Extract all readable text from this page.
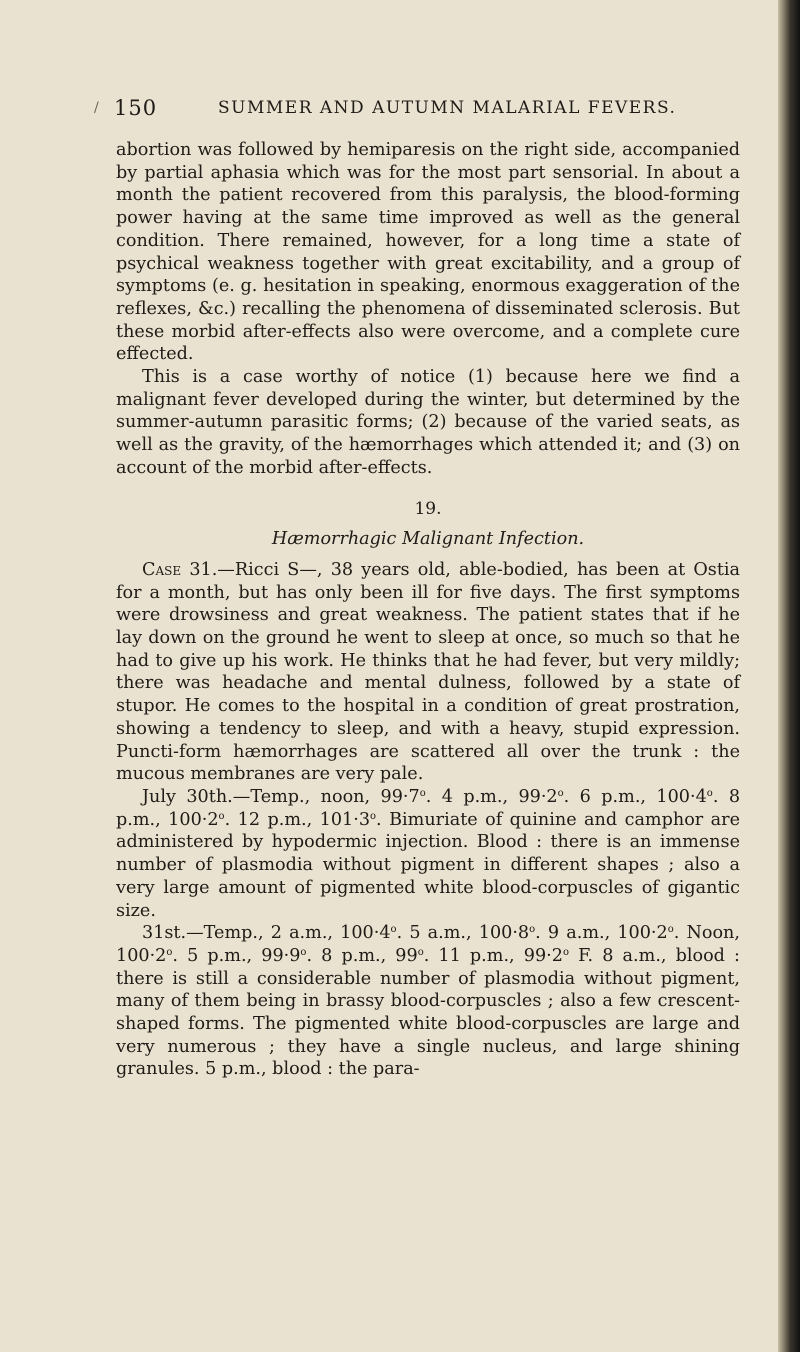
/ 150	SUMMER AND AUTUMN MALARIAL FEVERS.

abortion was followed by hemiparesis on the right side, accompanied by partial aphasia which was for the most part sensorial. In about a month the patient recovered from this paralysis, the blood-forming power having at the same time improved as well as the general condition. There remained, however, for a long time a state of psychical weakness together with great excitability, and a group of symptoms (e. g. hesitation in speaking, enormous exaggeration of the reflexes, &c.) recalling the phenomena of disseminated sclerosis. But these morbid after-effects also were overcome, and a complete cure effected.

This is a case worthy of notice (1) because here we find a malignant fever developed during the winter, but determined by the summer-autumn parasitic forms; (2) because of the varied seats, as well as the gravity, of the hæmorrhages which attended it; and (3) on account of the morbid after-effects.

19.

Hæmorrhagic Malignant Infection.

Case 31.—Ricci S—, 38 years old, able-bodied, has been at Ostia for a month, but has only been ill for five days. The first symptoms were drowsiness and great weakness. The patient states that if he lay down on the ground he went to sleep at once, so much so that he had to give up his work. He thinks that he had fever, but very mildly; there was headache and mental dulness, followed by a state of stupor. He comes to the hospital in a condition of great prostration, showing a tendency to sleep, and with a heavy, stupid expression. Puncti-form hæmorrhages are scattered all over the trunk : the mucous membranes are very pale.

July 30th.—Temp., noon, $99\cdot 7^o$. 4 p.m., $99\cdot 2^o$. 6 p.m., $100\cdot 4^o$. 8 p.m., $100\cdot 2^o$. 12 p.m., $101\cdot 3^o$. Bimuriate of quinine and camphor are administered by hypodermic injection. Blood : there is an immense number of plasmodia without pigment in different shapes ; also a very large amount of pigmented white blood-corpuscles of gigantic size.

31st.—Temp., 2 a.m., $100\cdot 4^o$. 5 a.m., $100\cdot 8^o$. 9 a.m., $100\cdot 2^o$. Noon, $100\cdot 2^o$. 5 p.m., $99\cdot 9^o$. 8 p.m., 99$^o$. 11 p.m., $99\cdot 2^o$ F. 8 a.m., blood : there is still a considerable number of plasmodia without pigment, many of them being in brassy blood-corpuscles ; also a few crescent-shaped forms. The pigmented white blood-corpuscles are large and very numerous ; they have a single nucleus, and large shining granules. 5 p.m., blood : the para-
